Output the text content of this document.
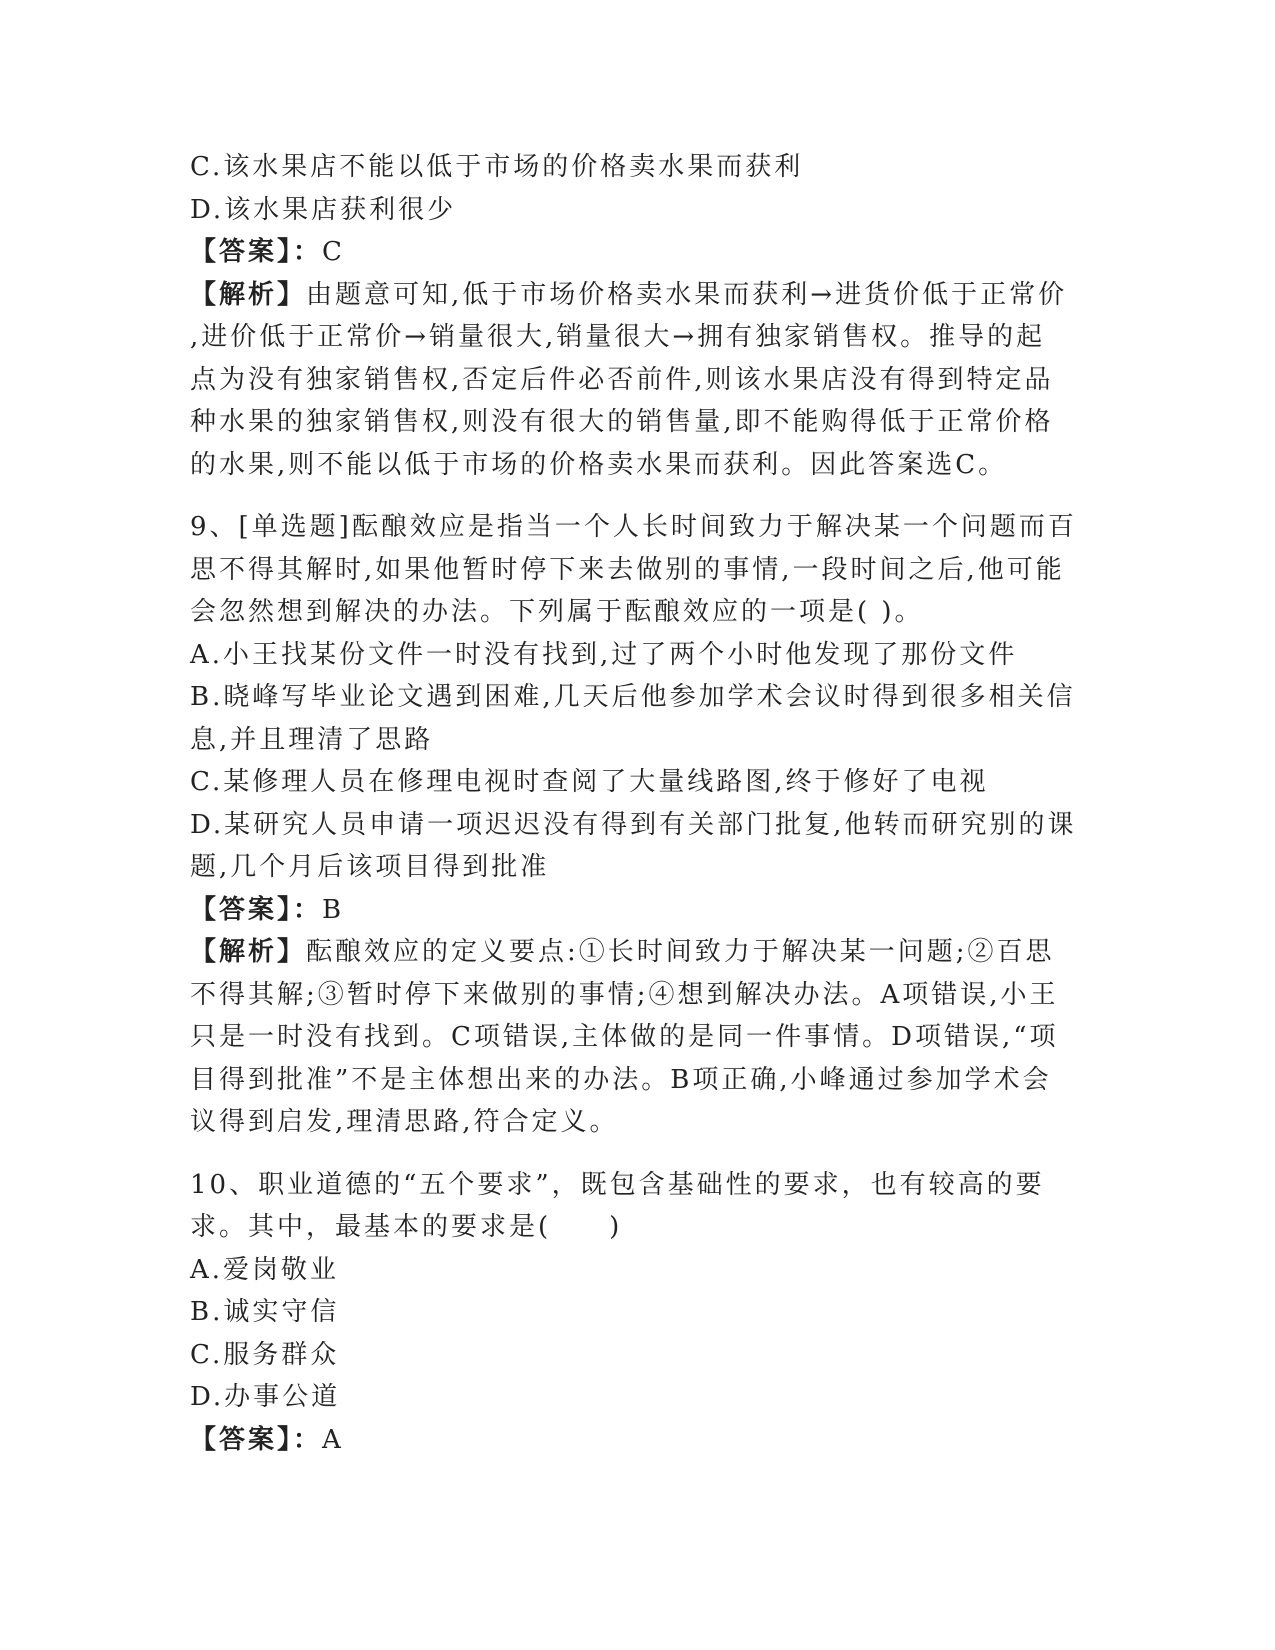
C.该水果店不能以低于市场的价格卖水果而获利
D.该水果店获利很少
【答案】：C
【解析】由题意可知,低于市场价格卖水果而获利→进货价低于正常价
,进价低于正常价→销量很大,销量很大→拥有独家销售权。推导的起
点为没有独家销售权,否定后件必否前件,则该水果店没有得到特定品
种水果的独家销售权,则没有很大的销售量,即不能购得低于正常价格
的水果,则不能以低于市场的价格卖水果而获利。因此答案选C。
9、[单选题]酝酿效应是指当一个人长时间致力于解决某一个问题而百
思不得其解时,如果他暂时停下来去做别的事情,一段时间之后,他可能
会忽然想到解决的办法。下列属于酝酿效应的一项是( )。
A.小王找某份文件一时没有找到,过了两个小时他发现了那份文件
B.晓峰写毕业论文遇到困难,几天后他参加学术会议时得到很多相关信
息,并且理清了思路
C.某修理人员在修理电视时查阅了大量线路图,终于修好了电视
D.某研究人员申请一项迟迟没有得到有关部门批复,他转而研究别的课
题,几个月后该项目得到批准
【答案】：B
【解析】酝酿效应的定义要点:①长时间致力于解决某一问题;②百思
不得其解;③暂时停下来做别的事情;④想到解决办法。A项错误,小王
只是一时没有找到。C项错误,主体做的是同一件事情。D项错误,“项
目得到批准”不是主体想出来的办法。B项正确,小峰通过参加学术会
议得到启发,理清思路,符合定义。
10、职业道德的“五个要求”，既包含基础性的要求，也有较高的要
求。其中，最基本的要求是(　　)
A.爱岗敬业
B.诚实守信
C.服务群众
D.办事公道
【答案】：A
